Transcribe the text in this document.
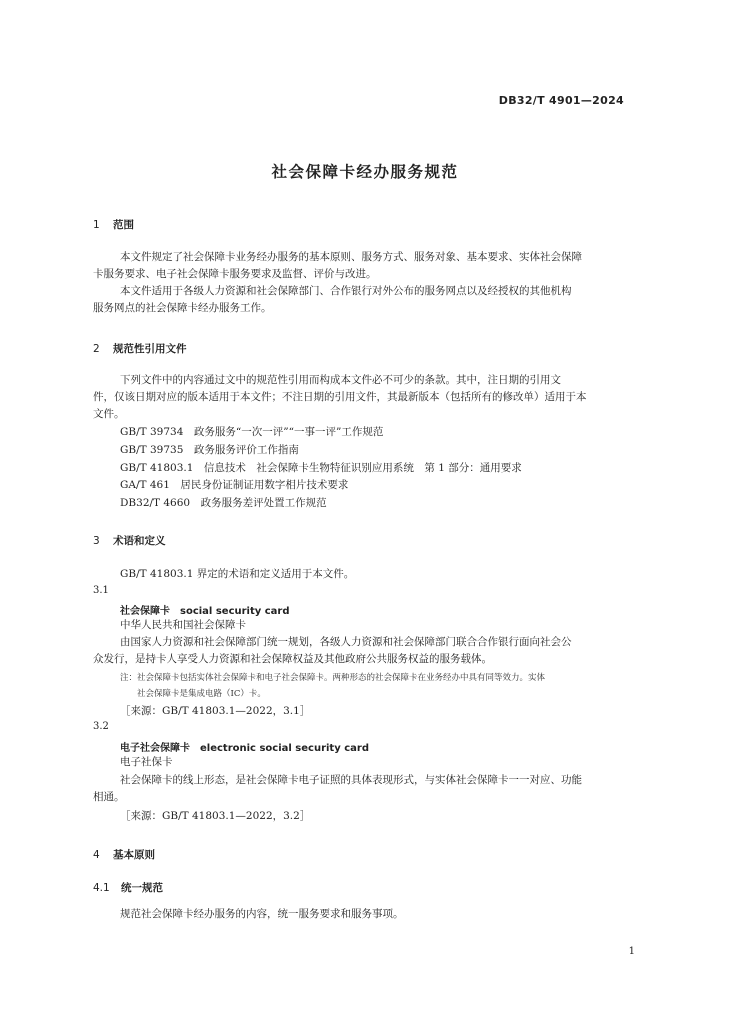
DB32/T 4901—2024
社会保障卡经办服务规范
1 范围
本文件规定了社会保障卡业务经办服务的基本原则、服务方式、服务对象、基本要求、实体社会保障
卡服务要求、电子社会保障卡服务要求及监督、评价与改进。
本文件适用于各级人力资源和社会保障部门、合作银行对外公布的服务网点以及经授权的其他机构
服务网点的社会保障卡经办服务工作。
2 规范性引用文件
下列文件中的内容通过文中的规范性引用而构成本文件必不可少的条款。其中，注日期的引用文
件，仅该日期对应的版本适用于本文件；不注日期的引用文件，其最新版本（包括所有的修改单）适用于本
文件。
GB/T 39734　政务服务“一次一评”“一事一评”工作规范
GB/T 39735　政务服务评价工作指南
GB/T 41803.1　信息技术　社会保障卡生物特征识别应用系统　第 1 部分：通用要求
GA/T 461　居民身份证制证用数字相片技术要求
DB32/T 4660　政务服务差评处置工作规范
3 术语和定义
GB/T 41803.1 界定的术语和定义适用于本文件。
3.1
社会保障卡　social security card
中华人民共和国社会保障卡
由国家人力资源和社会保障部门统一规划，各级人力资源和社会保障部门联合合作银行面向社会公
众发行，是持卡人享受人力资源和社会保障权益及其他政府公共服务权益的服务载体。
注：社会保障卡包括实体社会保障卡和电子社会保障卡。两种形态的社会保障卡在业务经办中具有同等效力。实体
社会保障卡是集成电路（IC）卡。
［来源：GB/T 41803.1—2022，3.1］
3.2
电子社会保障卡　electronic social security card
电子社保卡
社会保障卡的线上形态，是社会保障卡电子证照的具体表现形式，与实体社会保障卡一一对应、功能
相通。
［来源：GB/T 41803.1—2022，3.2］
4 基本原则
4.1 统一规范
规范社会保障卡经办服务的内容，统一服务要求和服务事项。
1
